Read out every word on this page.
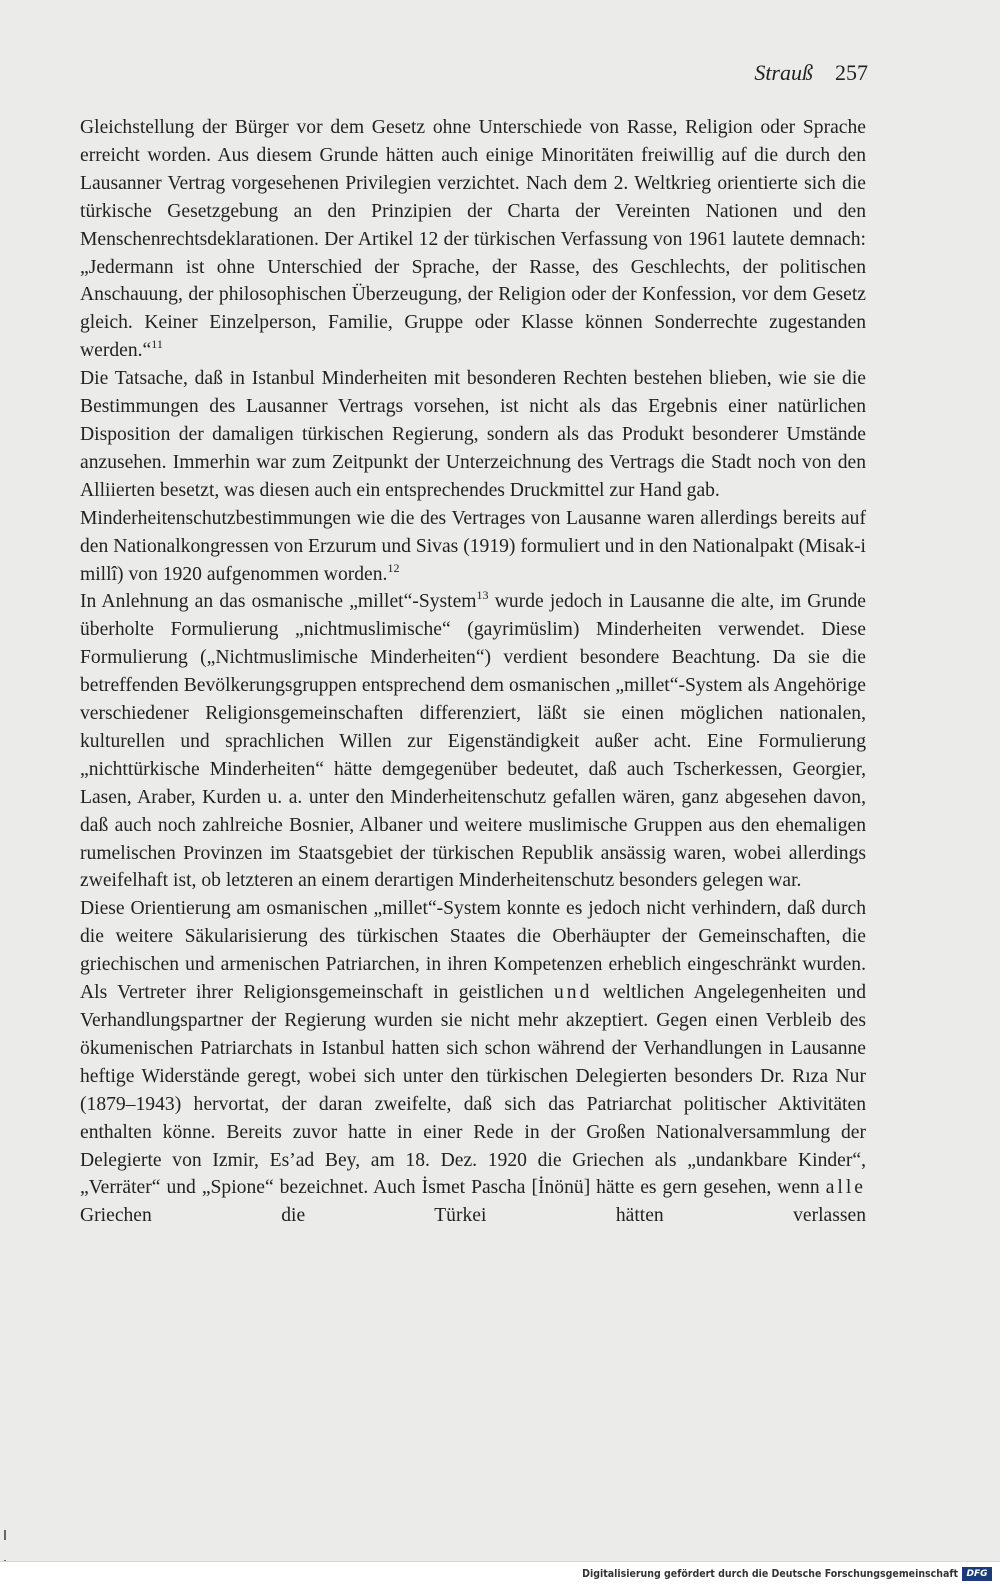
Strauß 257

Gleichstellung der Bürger vor dem Gesetz ohne Unterschiede von Rasse, Religion oder Sprache erreicht worden. Aus diesem Grunde hätten auch einige Minoritäten freiwillig auf die durch den Lausanner Vertrag vorgesehenen Privilegien verzichtet. Nach dem 2. Weltkrieg orientierte sich die türkische Gesetzgebung an den Prinzipien der Charta der Vereinten Nationen und den Menschenrechtsdeklarationen. Der Artikel 12 der türkischen Verfassung von 1961 lautete demnach: „Jedermann ist ohne Unterschied der Sprache, der Rasse, des Geschlechts, der politischen Anschauung, der philosophischen Überzeugung, der Religion oder der Konfession, vor dem Gesetz gleich. Keiner Einzelperson, Familie, Gruppe oder Klasse können Sonderrechte zugestanden werden.“$^{11}$

Die Tatsache, daß in Istanbul Minderheiten mit besonderen Rechten bestehen blieben, wie sie die Bestimmungen des Lausanner Vertrags vorsehen, ist nicht als das Ergebnis einer natürlichen Disposition der damaligen türkischen Regierung, sondern als das Produkt besonderer Umstände anzusehen. Immerhin war zum Zeitpunkt der Unterzeichnung des Vertrags die Stadt noch von den Alliierten besetzt, was diesen auch ein entsprechendes Druckmittel zur Hand gab.

Minderheitenschutzbestimmungen wie die des Vertrages von Lausanne waren allerdings bereits auf den Nationalkongressen von Erzurum und Sivas (1919) formuliert und in den Nationalpakt (Misak-i millî) von 1920 aufgenommen worden.$^{12}$

In Anlehnung an das osmanische „millet“-System$^{13}$ wurde jedoch in Lausanne die alte, im Grunde überholte Formulierung „nichtmuslimische“ (gayrimüslim) Minderheiten verwendet. Diese Formulierung („Nichtmuslimische Minderheiten“) verdient besondere Beachtung. Da sie die betreffenden Bevölkerungsgruppen entsprechend dem osmanischen „millet“-System als Angehörige verschiedener Religionsgemeinschaften differenziert, läßt sie einen möglichen nationalen, kulturellen und sprachlichen Willen zur Eigenständigkeit außer acht. Eine Formulierung „nichttürkische Minderheiten“ hätte demgegenüber bedeutet, daß auch Tscherkessen, Georgier, Lasen, Araber, Kurden u. a. unter den Minderheitenschutz gefallen wären, ganz abgesehen davon, daß auch noch zahlreiche Bosnier, Albaner und weitere muslimische Gruppen aus den ehemaligen rumelischen Provinzen im Staatsgebiet der türkischen Republik ansässig waren, wobei allerdings zweifelhaft ist, ob letzteren an einem derartigen Minderheitenschutz besonders gelegen war.

Diese Orientierung am osmanischen „millet“-System konnte es jedoch nicht verhindern, daß durch die weitere Säkularisierung des türkischen Staates die Oberhäupter der Gemeinschaften, die griechischen und armenischen Patriarchen, in ihren Kompetenzen erheblich eingeschränkt wurden. Als Vertreter ihrer Religionsgemeinschaft in geistlichen und weltlichen Angelegenheiten und Verhandlungspartner der Regierung wurden sie nicht mehr akzeptiert. Gegen einen Verbleib des ökumenischen Patriarchats in Istanbul hatten sich schon während der Verhandlungen in Lausanne heftige Widerstände geregt, wobei sich unter den türkischen Delegierten besonders Dr. Rıza Nur (1879–1943) hervortat, der daran zweifelte, daß sich das Patriarchat politischer Aktivitäten enthalten könne. Bereits zuvor hatte in einer Rede in der Großen Nationalversammlung der Delegierte von Izmir, Es’ad Bey, am 18. Dez. 1920 die Griechen als „undankbare Kinder“, „Verräter“ und „Spione“ bezeichnet. Auch İsmet Pascha [İnönü] hätte es gern gesehen, wenn alle Griechen die Türkei hätten verlassen

Digitalisierung gefördert durch die Deutsche Forschungsgemeinschaft DFG
